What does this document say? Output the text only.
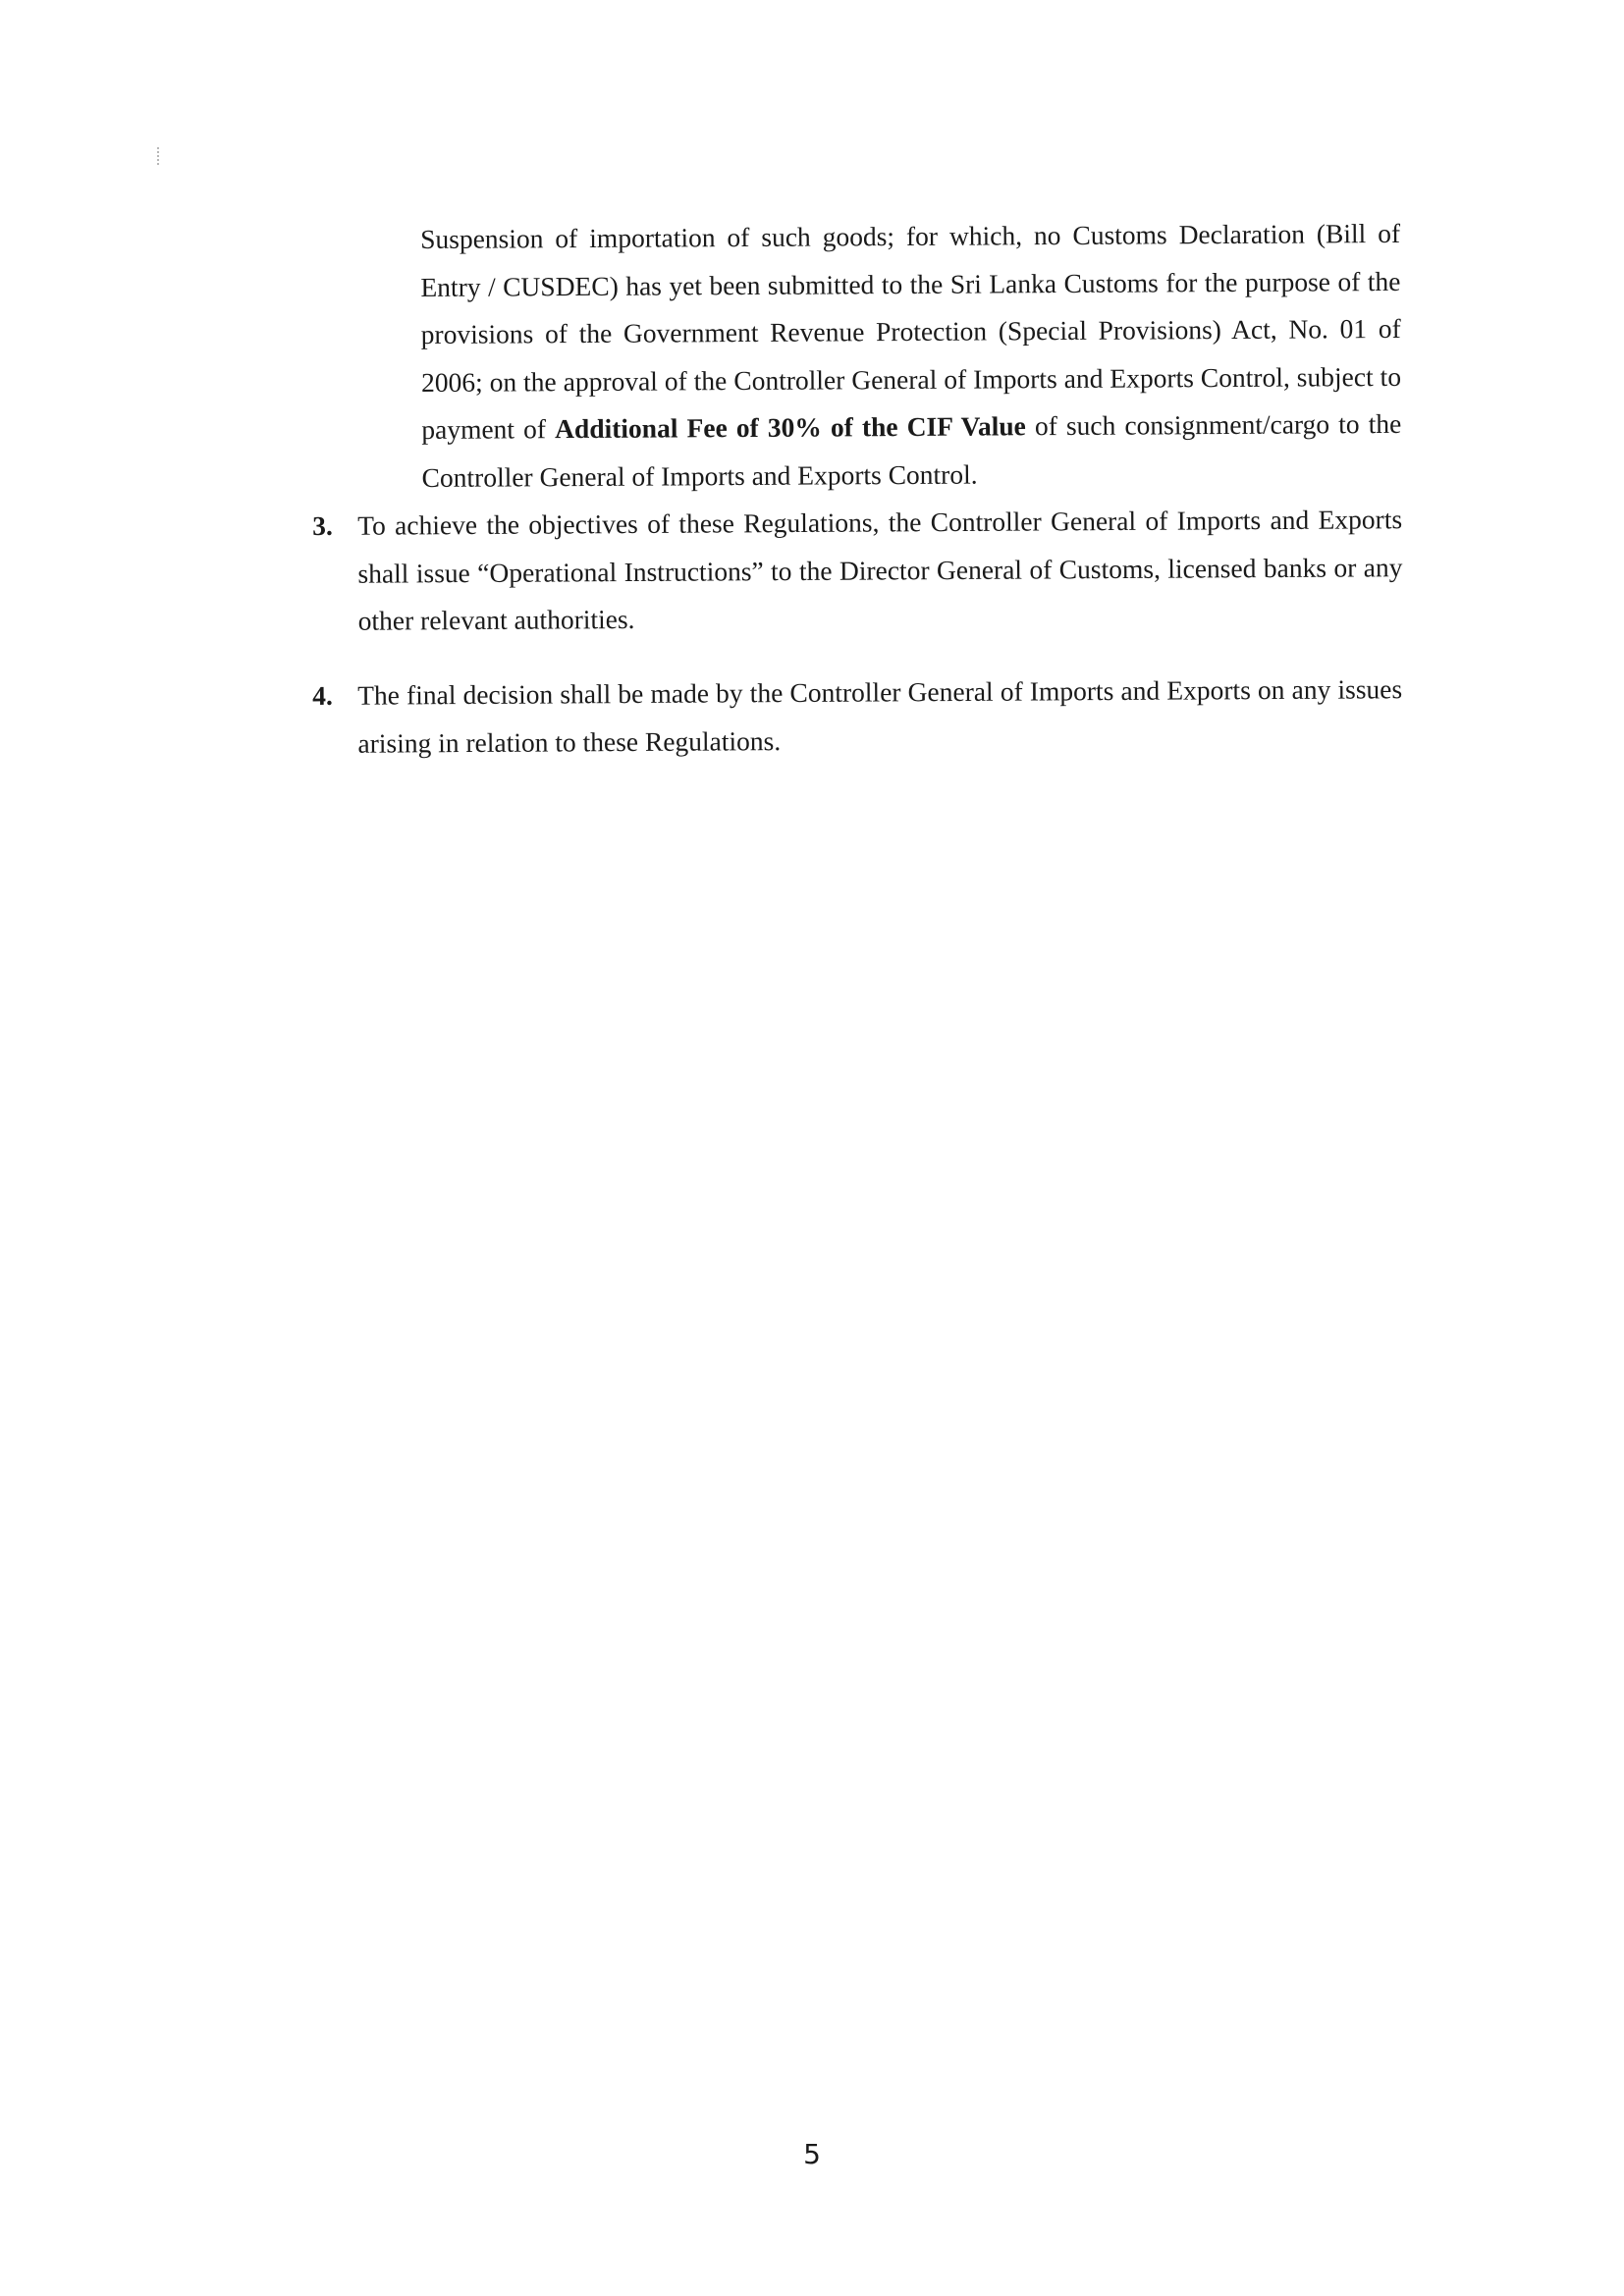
Suspension of importation of such goods; for which, no Customs Declaration (Bill of Entry / CUSDEC) has yet been submitted to the Sri Lanka Customs for the purpose of the provisions of the Government Revenue Protection (Special Provisions) Act, No. 01 of 2006; on the approval of the Controller General of Imports and Exports Control, subject to payment of Additional Fee of 30% of the CIF Value of such consignment/cargo to the Controller General of Imports and Exports Control.

3. To achieve the objectives of these Regulations, the Controller General of Imports and Exports shall issue “Operational Instructions” to the Director General of Customs, licensed banks or any other relevant authorities.

4. The final decision shall be made by the Controller General of Imports and Exports on any issues arising in relation to these Regulations.

5
